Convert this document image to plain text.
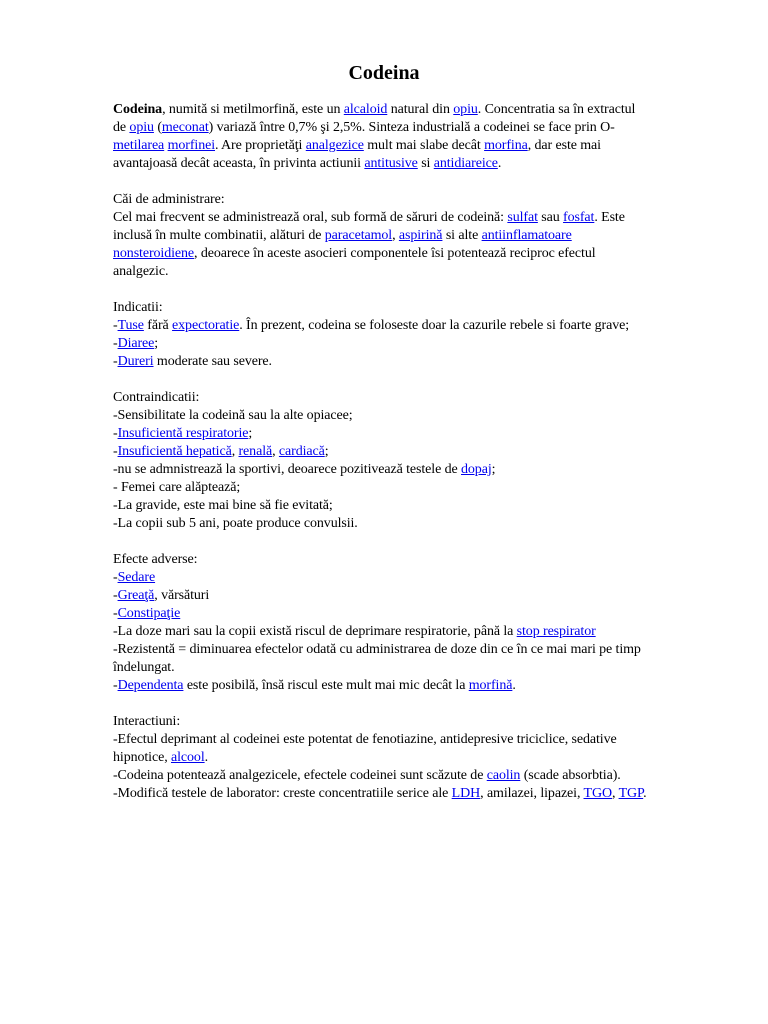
Codeina
Codeina, numită si metilmorfină, este un alcaloid natural din opiu. Concentratia sa în extractul de opiu (meconat) variază între 0,7% şi 2,5%. Sinteza industrială a codeinei se face prin O-metilarea morfinei. Are proprietăţi analgezice mult mai slabe decât morfina, dar este mai avantajoasă decât aceasta, în privinta actiunii antitusive si antidiareice.
Căi de administrare:
Cel mai frecvent se administrează oral, sub formă de săruri de codeină: sulfat sau fosfat. Este inclusă în multe combinatii, alături de paracetamol, aspirină si alte antiinflamatoare nonsteroidiene, deoarece în aceste asocieri componentele îsi potentează reciproc efectul analgezic.
Indicatii:
-Tuse fără expectoratie. În prezent, codeina se foloseste doar la cazurile rebele si foarte grave;
-Diaree;
-Dureri moderate sau severe.
Contraindicatii:
-Sensibilitate la codeină sau la alte opiacee;
-Insuficientă respiratorie;
-Insuficientă hepatică, renală, cardiacă;
-nu se admnistrează la sportivi, deoarece pozitivează testele de dopaj;
- Femei care alăptează;
-La gravide, este mai bine să fie evitată;
-La copii sub 5 ani, poate produce convulsii.
Efecte adverse:
-Sedare
-Greaţă, vărsături
-Constipaţie
-La doze mari sau la copii există riscul de deprimare respiratorie, până la stop respirator
-Rezistentă = diminuarea efectelor odată cu administrarea de doze din ce în ce mai mari pe timp îndelungat.
-Dependenta este posibilă, însă riscul este mult mai mic decât la morfină.
Interactiuni:
-Efectul deprimant al codeinei este potentat de fenotiazine, antidepresive triciclice, sedative hipnotice, alcool.
-Codeina potentează analgezicele, efectele codeinei sunt scăzute de caolin (scade absorbtia).
-Modifică testele de laborator: creste concentratiile serice ale LDH, amilazei, lipazei, TGO, TGP.
